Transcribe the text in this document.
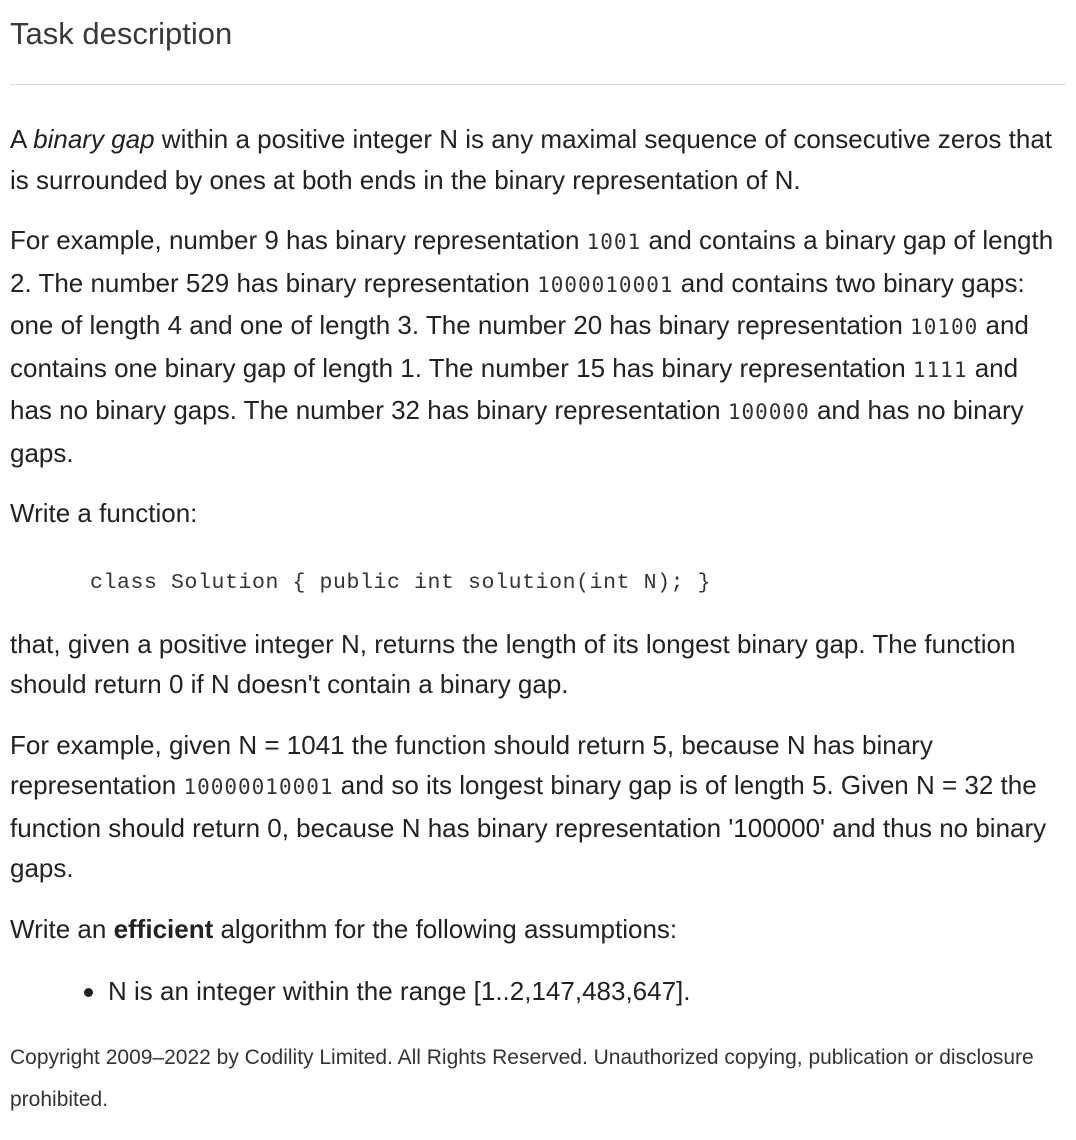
Task description

A binary gap within a positive integer N is any maximal sequence of consecutive zeros that is surrounded by ones at both ends in the binary representation of N.

For example, number 9 has binary representation 1001 and contains a binary gap of length 2. The number 529 has binary representation 1000010001 and contains two binary gaps: one of length 4 and one of length 3. The number 20 has binary representation 10100 and contains one binary gap of length 1. The number 15 has binary representation 1111 and has no binary gaps. The number 32 has binary representation 100000 and has no binary gaps.

Write a function:

class Solution { public int solution(int N); }

that, given a positive integer N, returns the length of its longest binary gap. The function should return 0 if N doesn't contain a binary gap.

For example, given N = 1041 the function should return 5, because N has binary representation 10000010001 and so its longest binary gap is of length 5. Given N = 32 the function should return 0, because N has binary representation '100000' and thus no binary gaps.

Write an efficient algorithm for the following assumptions:

N is an integer within the range [1..2,147,483,647].
Copyright 2009–2022 by Codility Limited. All Rights Reserved. Unauthorized copying, publication or disclosure prohibited.
